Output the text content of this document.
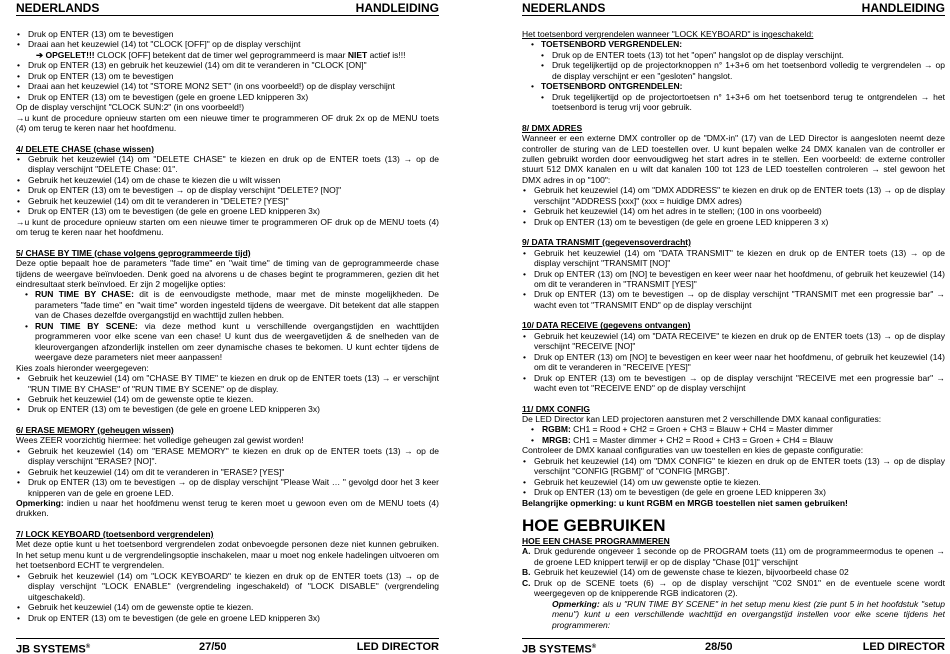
NEDERLANDS	HANDLEIDING
• Druk op ENTER (13) om te bevestigen
• Draai aan het keuzewiel (14) tot "CLOCK [OFF]" op de display verschijnt

➔ OPGELET!!! CLOCK [OFF] betekent dat de timer wel geprogrammeerd is maar NIET actief is!!!

• Druk op ENTER (13) en gebruik het keuzewiel (14) om dit te veranderen in "CLOCK [ON]"
• Druk op ENTER (13) om te bevestigen
• Draai aan het keuzewiel (14) tot "STORE MON2 SET" (in ons voorbeeld!) op de display verschijnt
• Druk op ENTER (13) om te bevestigen (gele en groene LED knipperen 3x)

Op de display verschijnt "CLOCK SUN:2" (in ons voorbeeld!)

→u kunt de procedure opnieuw starten om een nieuwe timer te programmeren OF druk 2x op de MENU toets (4) om terug te keren naar het hoofdmenu.

4/ DELETE CHASE (chase wissen)

• Gebruik het keuzewiel (14) om "DELETE CHASE" te kiezen en druk op de ENTER toets (13) → op de display verschijnt "DELETE Chase: 01".
• Gebruik het keuzewiel (14) om de chase te kiezen die u wilt wissen
• Druk op ENTER (13) om te bevestigen → op de display verschijnt "DELETE? [NO]"
• Gebruik het keuzewiel (14) om dit te veranderen in "DELETE? [YES]"
• Druk op ENTER (13) om te bevestigen (de gele en groene LED knipperen 3x)

→u kunt de procedure opnieuw starten om een nieuwe timer te programmeren OF druk op de MENU toets (4) om terug te keren naar het hoofdmenu.

5/ CHASE BY TIME (chase volgens geprogrammeerde tijd)

Deze optie bepaalt hoe de parameters "fade time" en "wait time" de timing van de geprogrammeerde chase tijdens de weergave beïnvloeden. Denk goed na alvorens u de chases begint te programmeren, gezien dit het eindresultaat sterk beïnvloed. Er zijn 2 mogelijke opties:

• RUN TIME BY CHASE: dit is de eenvoudigste methode, maar met de minste mogelijkheden. De parameters "fade time" en "wait time" worden ingesteld tijdens de weergave. Dit betekent dat alle stappen van de Chases dezelfde overgangstijd en wachttijd zullen hebben.
• RUN TIME BY SCENE: via deze method kunt u verschillende overgangstijden en wachttijden programmeren voor elke scene van een chase! U kunt dus de weergavetijden & de snelheden van de kleurovergangen afzonderlijk instellen om zeer dynamische chases te bekomen. U kunt echter tijdens de weergave deze parameters niet meer aanpassen!

Kies zoals hieronder weergegeven:

• Gebruik het keuzewiel (14) om "CHASE BY TIME" te kiezen en druk op de ENTER toets (13) → er verschijnt "RUN TIME BY CHASE" of "RUN TIME BY SCENE" op de display.
• Gebruik het keuzewiel (14) om de gewenste optie te kiezen.
• Druk op ENTER (13) om te bevestigen (de gele en groene LED knipperen 3x)

6/ ERASE MEMORY (geheugen wissen)

Wees ZEER voorzichtig hiermee: het volledige geheugen zal gewist worden!

• Gebruik het keuzewiel (14) om "ERASE MEMORY" te kiezen en druk op de ENTER toets (13) → op de display verschijnt "ERASE? [NO]".
• Gebruik het keuzewiel (14) om dit te veranderen in "ERASE? [YES]"
• Druk op ENTER (13) om te bevestigen → op de display verschijnt "Please Wait … " gevolgd door het 3 keer knipperen van de gele en groene LED.

Opmerking: indien u naar het hoofdmenu wenst terug te keren moet u gewoon even om de MENU toets (4) drukken.

7/ LOCK KEYBOARD (toetsenbord vergrendelen)

Met deze optie kunt u het toetsenbord vergrendelen zodat onbevoegde personen deze niet kunnen gebruiken. In het setup menu kunt u de vergrendelingsoptie inschakelen, maar u moet nog enkele hadelingen uitvoeren om het toetsenbord ECHT te vergrendelen.

• Gebruik het keuzewiel (14) om "LOCK KEYBOARD" te kiezen en druk op de ENTER toets (13) → op de display verschijnt "LOCK ENABLE" (vergrendeling ingeschakeld) of "LOCK DISABLE" (vergrendeling uitgeschakeld).
• Gebruik het keuzewiel (14) om de gewenste optie te kiezen.
• Druk op ENTER (13) om te bevestigen (de gele en groene LED knipperen 3x)
JB SYSTEMS®	27/50	LED DIRECTOR
NEDERLANDS	HANDLEIDING

Het toetsenbord vergrendelen wanneer "LOCK KEYBOARD" is ingeschakeld:

• TOETSENBORD VERGRENDELEN:
• Druk op de ENTER toets (13) tot het "open" hangslot op de display verschijnt.
• Druk tegelijkertijd op de projectorknoppen n° 1+3+6 om het toetsenbord volledig te vergrendelen → op de display verschijnt er een "gesloten" hangslot.
• TOETSENBORD ONTGRENDELEN:
• Druk tegelijkertijd op de projectortoetsen n° 1+3+6 om het toetsenbord terug te ontgrendelen → het toetsenbord is terug vrij voor gebruik.

8/ DMX ADRES

Wanneer er een externe DMX controller op de "DMX-in" (17) van de LED Director is aangesloten neemt deze controller de sturing van de LED toestellen over. U kunt bepalen welke 24 DMX kanalen van de controller er zullen gebruikt worden door eenvoudigweg het start adres in te stellen. Een voorbeeld: de externe controller stuurt 512 DMX kanalen en u wilt dat kanalen 100 tot 123 de LED toestellen controleren → stel gewoon het DMX adres in op "100":

• Gebruik het keuzewiel (14) om "DMX ADDRESS" te kiezen en druk op de ENTER toets (13) → op de display verschijnt "ADDRESS [xxx]" (xxx = huidige DMX adres)
• Gebruik het keuzewiel (14) om het adres in te stellen; (100 in ons voorbeeld)
• Druk op ENTER (13) om te bevestigen (de gele en groene LED knipperen 3 x)

9/ DATA TRANSMIT (gegevensoverdracht)

• Gebruik het keuzewiel (14) om "DATA TRANSMIT" te kiezen en druk op de ENTER toets (13) → op de display verschijnt "TRANSMIT [NO]"
• Druk op ENTER (13) om [NO] te bevestigen en keer weer naar het hoofdmenu, of gebruik het keuzewiel (14) om dit te veranderen in "TRANSMIT [YES]"
• Druk op ENTER (13) om te bevestigen → op de display verschijnt "TRANSMIT met een progressie bar" → wacht even tot "TRANSMIT END" op de display verschijnt

10/ DATA RECEIVE (gegevens ontvangen)

• Gebruik het keuzewiel (14) om "DATA RECEIVE" te kiezen en druk op de ENTER toets (13) → op de display verschijnt "RECEIVE [NO]"
• Druk op ENTER (13) om [NO] te bevestigen en keer weer naar het hoofdmenu, of gebruik het keuzewiel (14) om dit te veranderen in "RECEIVE [YES]"
• Druk op ENTER (13) om te bevestigen → op de display verschijnt "RECEIVE met een progressie bar" → wacht even tot "RECEIVE END" op de display verschijnt

11/ DMX CONFIG

De LED Director kan LED projectoren aansturen met 2 verschillende DMX kanaal configuraties:

• RGBM: CH1 = Rood + CH2 = Groen + CH3 = Blauw + CH4 = Master dimmer
• MRGB: CH1 = Master dimmer + CH2 = Rood + CH3 = Groen + CH4 = Blauw

Controleer de DMX kanaal configuraties van uw toestellen en kies de gepaste configuratie:

• Gebruik het keuzewiel (14) om "DMX CONFIG" te kiezen en druk op de ENTER toets (13) → op de display verschijnt "CONFIG [RGBM]" of "CONFIG [MRGB]".
• Gebruik het keuzewiel (14) om uw gewenste optie te kiezen.
• Druk op ENTER (13) om te bevestigen (de gele en groene LED knipperen 3x)

Belangrijke opmerking: u kunt RGBM en MRGB toestellen niet samen gebruiken!

HOE GEBRUIKEN

HOE EEN CHASE PROGRAMMEREN

A. Druk gedurende ongeveer 1 seconde op de PROGRAM toets (11) om de programmeermodus te openen → de groene LED knippert terwijl er op de display "Chase [01]" verschijnt
B. Gebruik het keuzewiel (14) om de gewenste chase te kiezen, bijvoorbeeld chase 02
C. Druk op de SCENE toets (6) → op de display verschijnt "C02 SN01" en de eventuele scene wordt weergegeven op de knipperende RGB indicatoren (2).

Opmerking: als u "RUN TIME BY SCENE" in het setup menu kiest (zie punt 5 in het hoofdstuk "setup menu") kunt u een verschillende wachttijd en overgangstijd instellen voor elke scene tijdens het programmeren:

JB SYSTEMS®	28/50	LED DIRECTOR
